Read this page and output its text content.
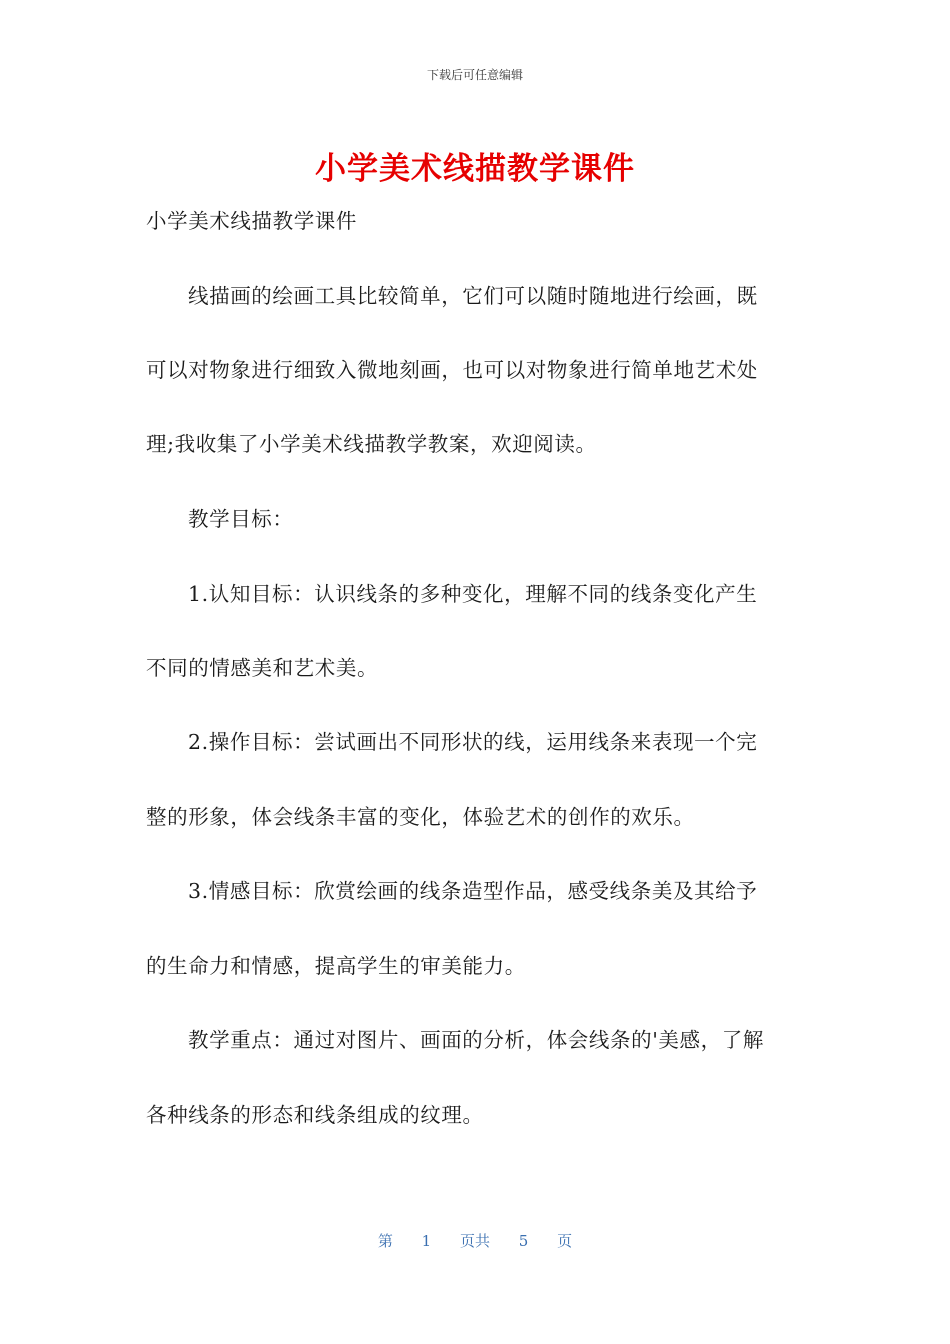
下载后可任意编辑
小学美术线描教学课件
小学美术线描教学课件
线描画的绘画工具比较简单，它们可以随时随地进行绘画，既
可以对物象进行细致入微地刻画，也可以对物象进行简单地艺术处
理;我收集了小学美术线描教学教案，欢迎阅读。
教学目标：
1.认知目标：认识线条的多种变化，理解不同的线条变化产生
不同的情感美和艺术美。
2.操作目标：尝试画出不同形状的线，运用线条来表现一个完
整的形象，体会线条丰富的变化，体验艺术的创作的欢乐。
3.情感目标：欣赏绘画的线条造型作品，感受线条美及其给予
的生命力和情感，提高学生的审美能力。
教学重点：通过对图片、画面的分析，体会线条的'美感，了解
各种线条的形态和线条组成的纹理。
第 1 页共 5 页
